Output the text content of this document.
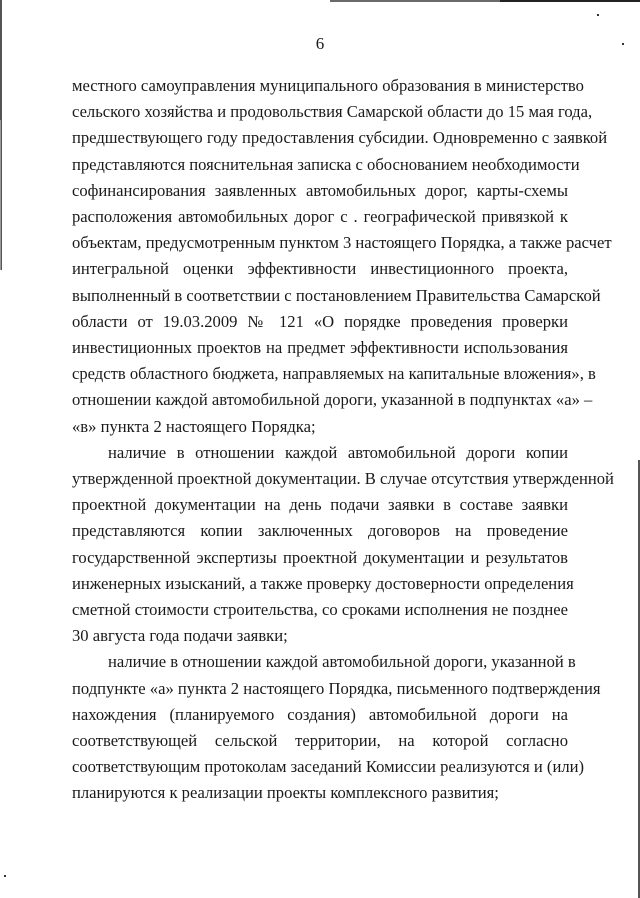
6
местного самоуправления муниципального образования в министерство
сельского хозяйства и продовольствия Самарской области до 15 мая года,
предшествующего году предоставления субсидии. Одновременно с заявкой
представляются пояснительная записка с обоснованием необходимости
софинансирования заявленных автомобильных дорог, карты-схемы
расположения автомобильных дорог с . географической привязкой к
объектам, предусмотренным пунктом 3 настоящего Порядка, а также расчет
интегральной оценки эффективности инвестиционного проекта,
выполненный в соответствии с постановлением Правительства Самарской
области от 19.03.2009 № 121 «О порядке проведения проверки
инвестиционных проектов на предмет эффективности использования
средств областного бюджета, направляемых на капитальные вложения», в
отношении каждой автомобильной дороги, указанной в подпунктах «а» –
«в» пункта 2 настоящего Порядка;
наличие в отношении каждой автомобильной дороги копии
утвержденной проектной документации. В случае отсутствия утвержденной
проектной документации на день подачи заявки в составе заявки
представляются копии заключенных договоров на проведение
государственной экспертизы проектной документации и результатов
инженерных изысканий, а также проверку достоверности определения
сметной стоимости строительства, со сроками исполнения не позднее
30 августа года подачи заявки;
наличие в отношении каждой автомобильной дороги, указанной в
подпункте «а» пункта 2 настоящего Порядка, письменного подтверждения
нахождения (планируемого создания) автомобильной дороги на
соответствующей сельской территории, на которой согласно
соответствующим протоколам заседаний Комиссии реализуются и (или)
планируются к реализации проекты комплексного развития;
